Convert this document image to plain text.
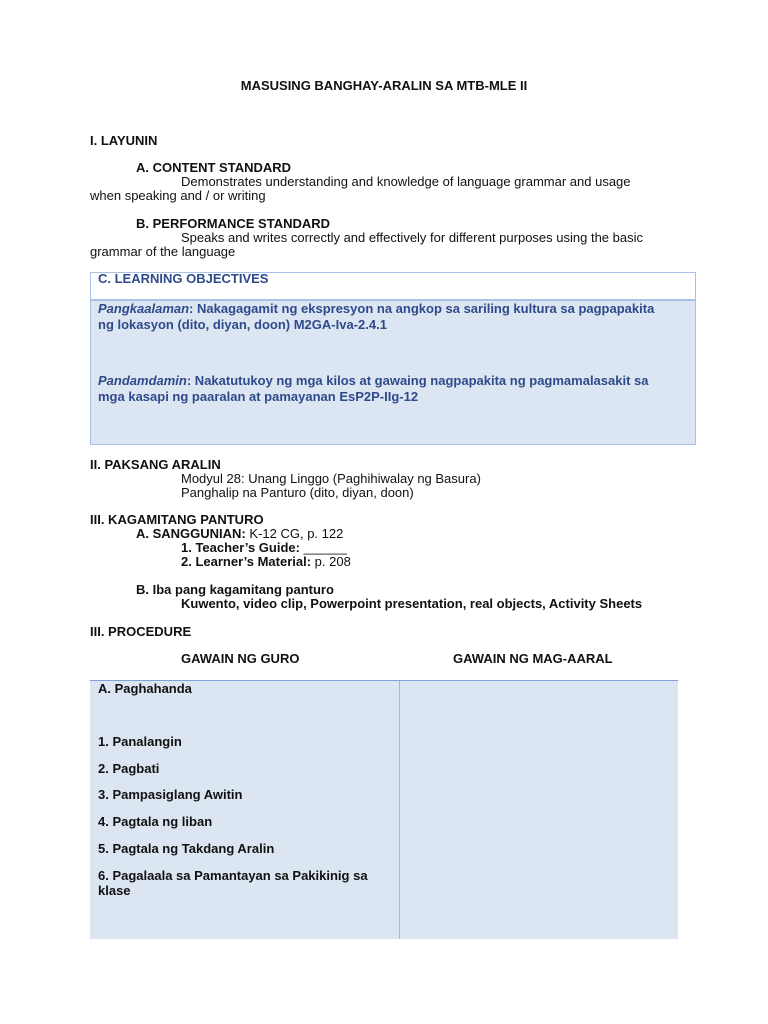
MASUSING BANGHAY-ARALIN SA MTB-MLE II
I. LAYUNIN
A. CONTENT STANDARD
Demonstrates understanding and knowledge of language grammar and usage
when speaking and / or writing
B. PERFORMANCE STANDARD
Speaks and writes correctly and effectively for different purposes using the basic
grammar of the language
C. LEARNING OBJECTIVES
Pangkaalaman: Nakagagamit ng ekspresyon na angkop sa sariling kultura sa pagpapakita
ng lokasyon (dito, diyan, doon) M2GA-Iva-2.4.1
Pandamdamin: Nakatutukoy ng mga kilos at gawaing nagpapakita ng pagmamalasakit sa
mga kasapi ng paaralan at pamayanan EsP2P-IIg-12
II. PAKSANG ARALIN
Modyul 28: Unang Linggo (Paghihiwalay ng Basura)
Panghalip na Panturo (dito, diyan, doon)
III. KAGAMITANG PANTURO
A. SANGGUNIAN: K-12 CG, p. 122
1. Teacher’s Guide: ______
2. Learner’s Material: p. 208
B. Iba pang kagamitang panturo
Kuwento, video clip, Powerpoint presentation, real objects, Activity Sheets
III. PROCEDURE
GAWAIN NG GURO	GAWAIN NG MAG-AARAL
A. Paghahanda
1. Panalangin
2. Pagbati
3. Pampasiglang Awitin
4. Pagtala ng liban
5. Pagtala ng Takdang Aralin
6. Pagalaala sa Pamantayan sa Pakikinig sa
klase
